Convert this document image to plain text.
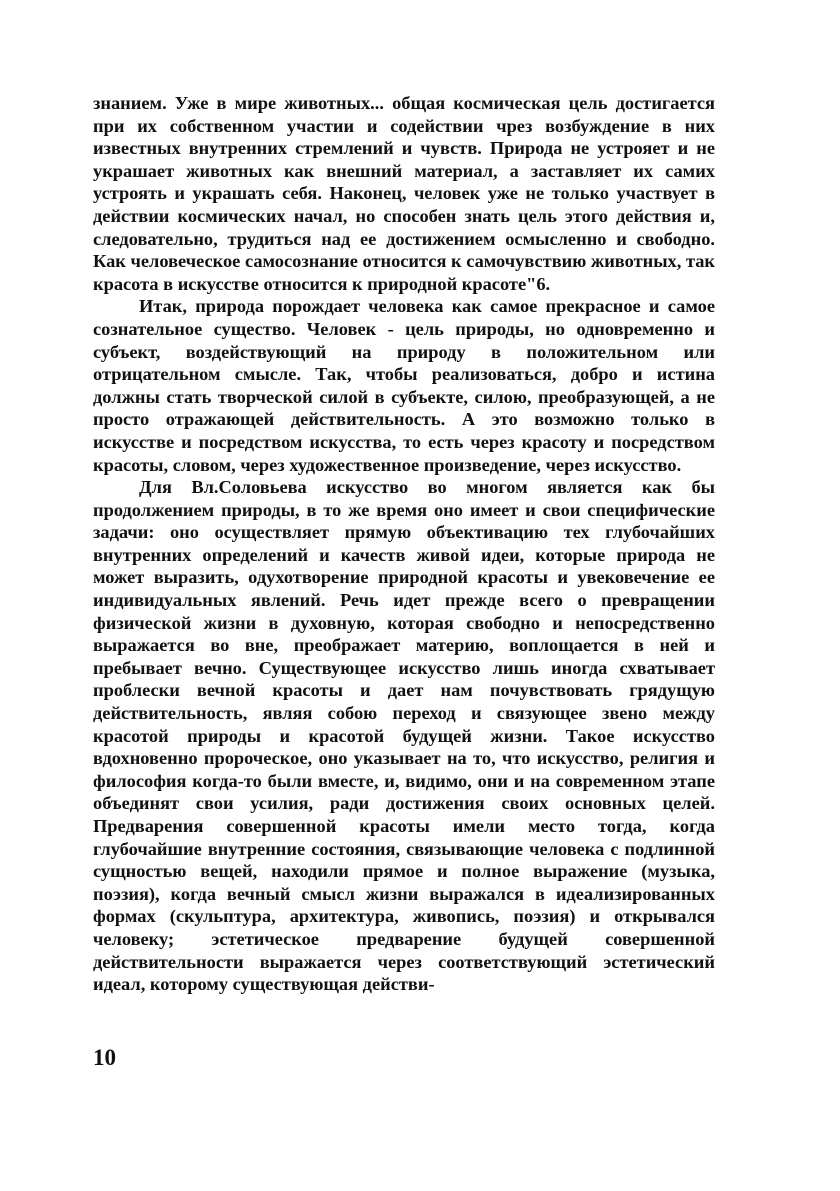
знанием. Уже в мире животных... общая космическая цель достигается при их собственном участии и содействии чрез возбуждение в них известных внутренних стремлений и чувств. Природа не устрояет и не украшает животных как внешний материал, а заставляет их самих устроять и украшать себя. Наконец, человек уже не только участвует в действии космических начал, но способен знать цель этого действия и, следовательно, трудиться над ее достижением осмысленно и свободно. Как человеческое самосознание относится к самочувствию животных, так красота в искусстве относится к природной красоте"6.

Итак, природа порождает человека как самое прекрасное и самое сознательное существо. Человек - цель природы, но одновременно и субъект, воздействующий на природу в положительном или отрицательном смысле. Так, чтобы реализоваться, добро и истина должны стать творческой силой в субъекте, силою, преобразующей, а не просто отражающей действительность. А это возможно только в искусстве и посредством искусства, то есть через красоту и посредством красоты, словом, через художественное произведение, через искусство.

Для Вл.Соловьева искусство во многом является как бы продолжением природы, в то же время оно имеет и свои специфические задачи: оно осуществляет прямую объективацию тех глубочайших внутренних определений и качеств живой идеи, которые природа не может выразить, одухотворение природной красоты и увековечение ее индивидуальных явлений. Речь идет прежде всего о превращении физической жизни в духовную, которая свободно и непосредственно выражается во вне, преображает материю, воплощается в ней и пребывает вечно. Существующее искусство лишь иногда схватывает проблески вечной красоты и дает нам почувствовать грядущую действительность, являя собою переход и связующее звено между красотой природы и красотой будущей жизни. Такое искусство вдохновенно пророческое, оно указывает на то, что искусство, религия и философия когда-то были вместе, и, видимо, они и на современном этапе объединят свои усилия, ради достижения своих основных целей. Предварения совершенной красоты имели место тогда, когда глубочайшие внутренние состояния, связывающие человека с подлинной сущностью вещей, находили прямое и полное выражение (музыка, поэзия), когда вечный смысл жизни выражался в идеализированных формах (скульптура, архитектура, живопись, поэзия) и открывался человеку; эстетическое предварение будущей совершенной действительности выражается через соответствующий эстетический идеал, которому существующая действи-

10
